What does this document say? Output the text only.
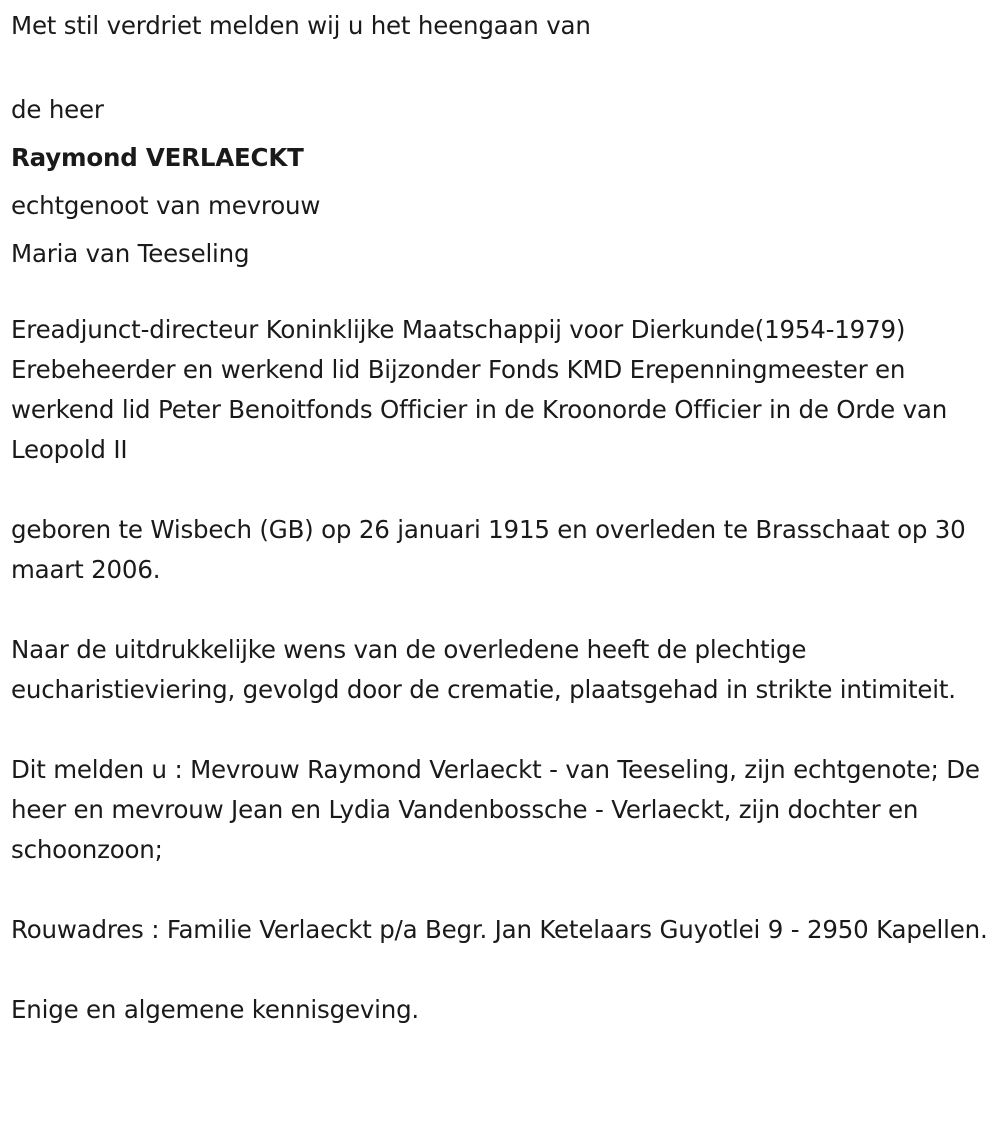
Met stil verdriet melden wij u het heengaan van

de heer

Raymond VERLAECKT

echtgenoot van mevrouw

Maria van Teeseling

Ereadjunct-directeur Koninklijke Maatschappij voor Dierkunde(1954-1979) Erebeheerder en werkend lid Bijzonder Fonds KMD Erepenningmeester en werkend lid Peter Benoitfonds Officier in de Kroonorde Officier in de Orde van Leopold II

geboren te Wisbech (GB) op 26 januari 1915 en overleden te Brasschaat op 30 maart 2006.

Naar de uitdrukkelijke wens van de overledene heeft de plechtige eucharistieviering, gevolgd door de crematie, plaatsgehad in strikte intimiteit.

Dit melden u : Mevrouw Raymond Verlaeckt - van Teeseling, zijn echtgenote; De heer en mevrouw Jean en Lydia Vandenbossche - Verlaeckt, zijn dochter en schoonzoon;

Rouwadres : Familie Verlaeckt p/a Begr. Jan Ketelaars Guyotlei 9 - 2950 Kapellen.

Enige en algemene kennisgeving.
